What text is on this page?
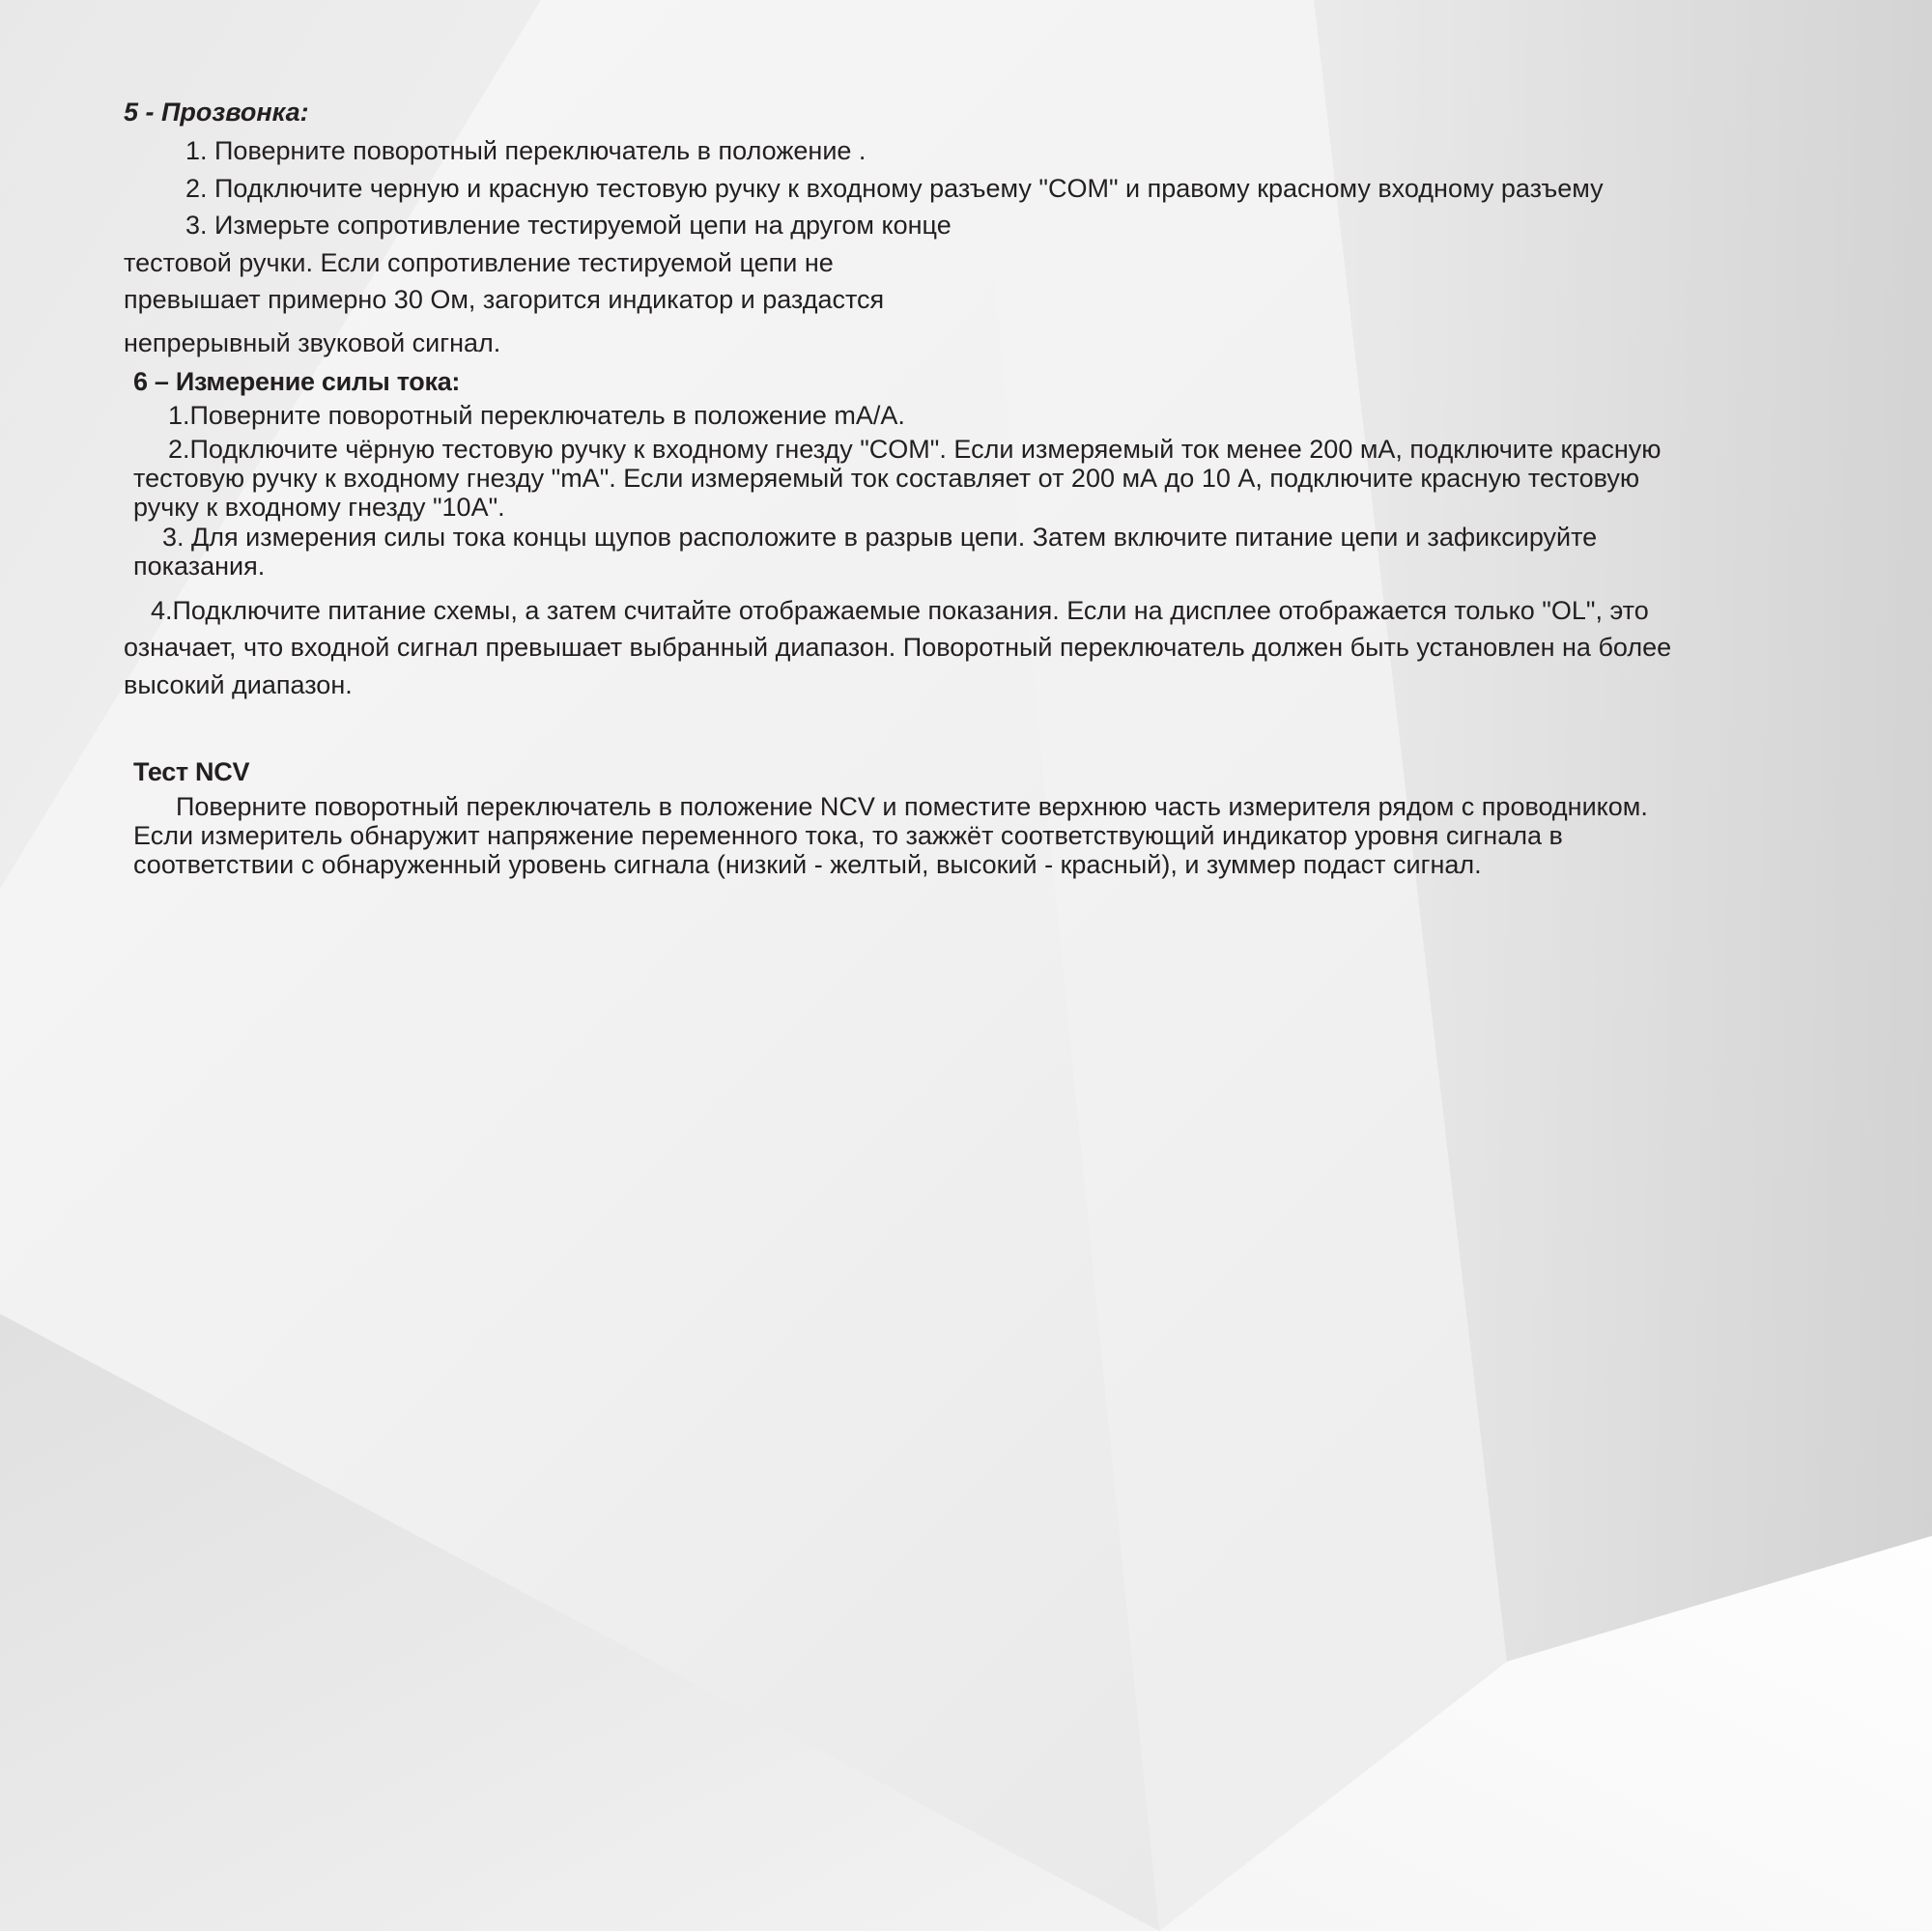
5 - Прозвонка:
1. Поверните поворотный переключатель в положение .
2. Подключите черную и красную тестовую ручку к входному разъему "COM" и правому красному входному разъему
3. Измерьте сопротивление тестируемой цепи на другом конце
тестовой ручки. Если сопротивление тестируемой цепи не
превышает примерно 30 Ом, загорится индикатор и раздастся
непрерывный звуковой сигнал.
6 – Измерение силы тока:
1.Поверните поворотный переключатель в положение mA/A.
2.Подключите чёрную тестовую ручку к входному гнезду "COM". Если измеряемый ток менее 200 мА, подключите красную
тестовую ручку к входному гнезду "mA". Если измеряемый ток составляет от 200 мА до 10 А, подключите красную тестовую
ручку к входному гнезду "10A".
3. Для измерения силы тока концы щупов расположите в разрыв цепи. Затем включите питание цепи и зафиксируйте
показания.
4.Подключите питание схемы, а затем считайте отображаемые показания. Если на дисплее отображается только "OL", это
означает, что входной сигнал превышает выбранный диапазон. Поворотный переключатель должен быть установлен на более
высокий диапазон.
Тест NCV
Поверните поворотный переключатель в положение NCV и поместите верхнюю часть измерителя рядом с проводником.
Если измеритель обнаружит напряжение переменного тока, то зажжёт соответствующий индикатор уровня сигнала в
соответствии с обнаруженный уровень сигнала (низкий - желтый, высокий - красный), и зуммер подаст сигнал.
